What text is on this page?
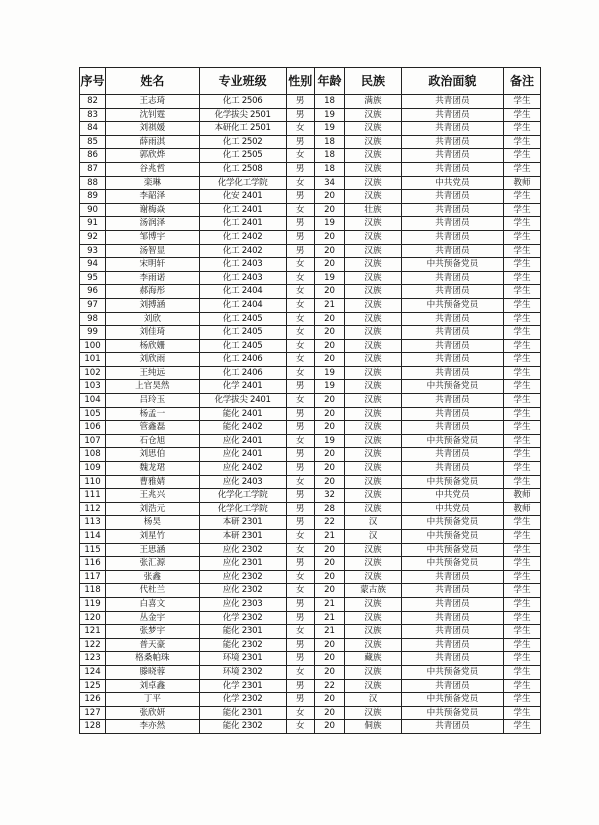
序号	姓名	专业班级	性别	年龄	民族	政治面貌	备注
82	王志琦	化工 2506	男	18	满族	共青团员	学生
83	沈钊霆	化学拔尖 2501	男	19	汉族	共青团员	学生
84	刘祺媛	本研化工 2501	女	19	汉族	共青团员	学生
85	薛雨淇	化工 2502	男	18	汉族	共青团员	学生
86	郭欣烨	化工 2505	女	18	汉族	共青团员	学生
87	谷兆哲	化工 2508	男	18	汉族	共青团员	学生
88	栾琳	化学化工学院	女	34	汉族	中共党员	教师
89	李韶泽	化安 2401	男	20	汉族	共青团员	学生
90	谢梅焱	化工 2401	女	20	壮族	共青团员	学生
91	汤润泽	化工 2401	男	19	汉族	共青团员	学生
92	邹博宇	化工 2402	男	20	汉族	共青团员	学生
93	汤智显	化工 2402	男	20	汉族	共青团员	学生
94	宋明轩	化工 2403	女	20	汉族	中共预备党员	学生
95	李雨诺	化工 2403	女	19	汉族	共青团员	学生
96	郝海彤	化工 2404	女	20	汉族	共青团员	学生
97	刘搏涵	化工 2404	女	21	汉族	中共预备党员	学生
98	刘欣	化工 2405	女	20	汉族	共青团员	学生
99	刘佳琦	化工 2405	女	20	汉族	共青团员	学生
100	杨欣姗	化工 2405	女	20	汉族	共青团员	学生
101	刘欣雨	化工 2406	女	20	汉族	共青团员	学生
102	王纯远	化工 2406	女	19	汉族	共青团员	学生
103	上官昊然	化学 2401	男	19	汉族	中共预备党员	学生
104	吕玲玉	化学拔尖 2401	女	20	汉族	共青团员	学生
105	杨孟一	能化 2401	男	20	汉族	共青团员	学生
106	管鑫磊	能化 2402	男	20	汉族	共青团员	学生
107	石仓旭	应化 2401	女	19	汉族	中共预备党员	学生
108	刘思伯	应化 2401	男	20	汉族	共青团员	学生
109	魏龙珺	应化 2402	男	20	汉族	共青团员	学生
110	曹雅婧	应化 2403	女	20	汉族	中共预备党员	学生
111	王兆兴	化学化工学院	男	32	汉族	中共党员	教师
112	刘浩元	化学化工学院	男	28	汉族	中共党员	教师
113	杨昊	本研 2301	男	22	汉	中共预备党员	学生
114	刘星竹	本研 2301	女	21	汉	中共预备党员	学生
115	王思涵	应化 2302	女	20	汉族	中共预备党员	学生
116	张汇源	应化 2301	男	20	汉族	中共预备党员	学生
117	张鑫	应化 2302	女	20	汉族	共青团员	学生
118	代杜兰	应化 2302	女	20	蒙古族	共青团员	学生
119	白喜文	应化 2303	男	21	汉族	共青团员	学生
120	丛金宇	化学 2302	男	21	汉族	共青团员	学生
121	张梦宇	能化 2301	女	21	汉族	共青团员	学生
122	普天豪	能化 2302	男	20	汉族	共青团员	学生
123	格桑帕珠	环境 2301	男	20	藏族	共青团员	学生
124	滕晓蓉	环境 2302	女	20	汉族	中共预备党员	学生
125	刘卓鑫	化学 2301	男	22	汉族	共青团员	学生
126	丁平	化学 2302	男	20	汉	中共预备党员	学生
127	张欣妍	能化 2301	女	20	汉族	中共预备党员	学生
128	李亦然	能化 2302	女	20	侗族	共青团员	学生
